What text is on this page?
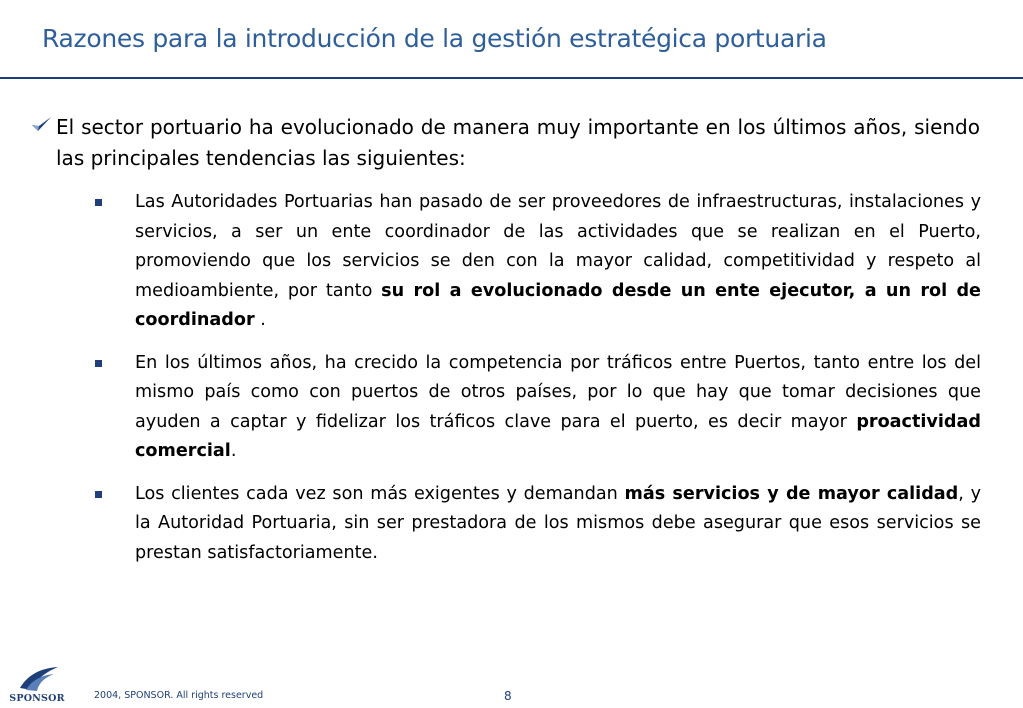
Razones para la introducción de la gestión estratégica portuaria

El sector portuario ha evolucionado de manera muy importante en los últimos años, siendo las principales tendencias las siguientes:

Las Autoridades Portuarias han pasado de ser proveedores de infraestructuras, instalaciones y servicios, a ser un ente coordinador de las actividades que se realizan en el Puerto, promoviendo que los servicios se den con la mayor calidad, competitividad y respeto al medioambiente, por tanto su rol a evolucionado desde un ente ejecutor, a un rol de coordinador .

En los últimos años, ha crecido la competencia por tráficos entre Puertos, tanto entre los del mismo país como con puertos de otros países, por lo que hay que tomar decisiones que ayuden a captar y fidelizar los tráficos clave para el puerto, es decir mayor proactividad comercial.

Los clientes cada vez son más exigentes y demandan más servicios y de mayor calidad, y la Autoridad Portuaria, sin ser prestadora de los mismos debe asegurar que esos servicios se prestan satisfactoriamente.

SPONSOR	2004, SPONSOR. All rights reserved	8
